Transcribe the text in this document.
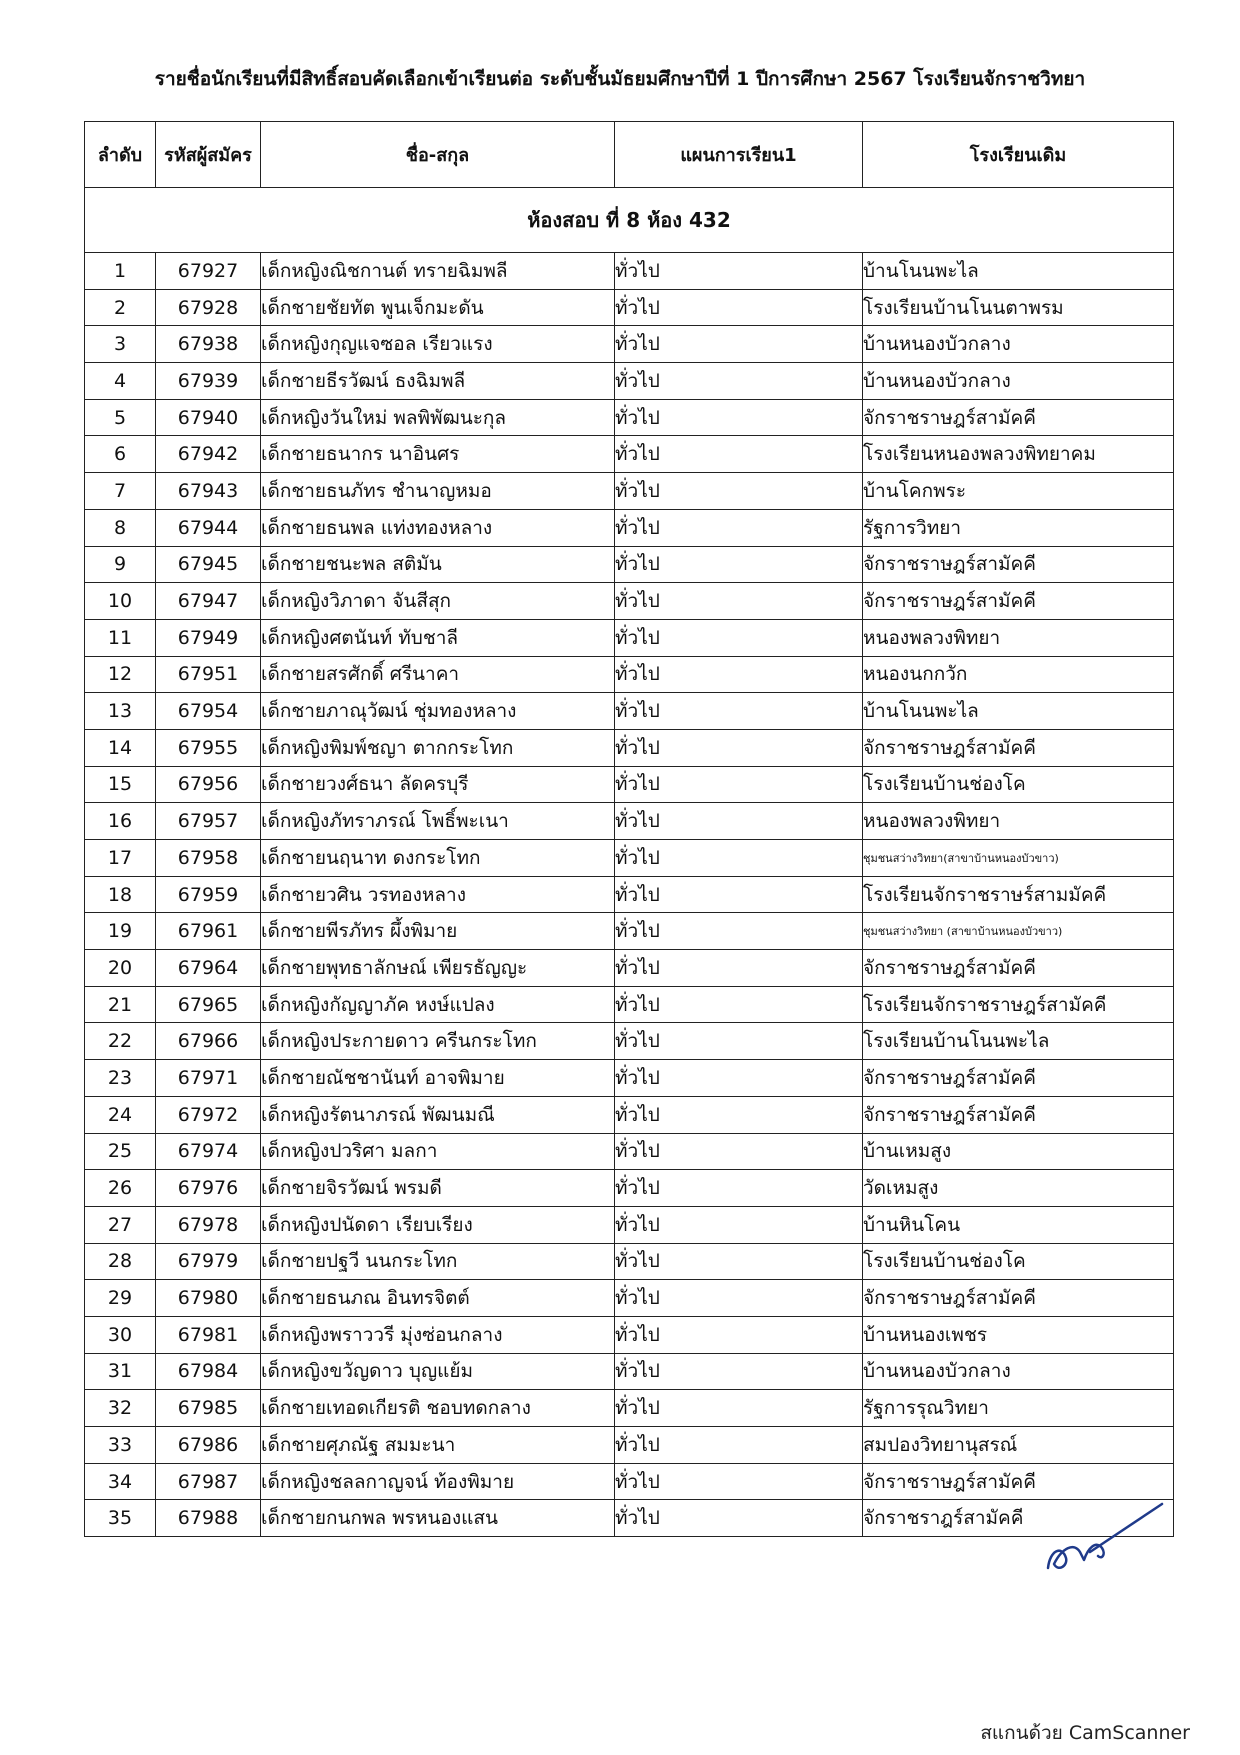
รายชื่อนักเรียนที่มีสิทธิ์สอบคัดเลือกเข้าเรียนต่อ ระดับชั้นมัธยมศึกษาปีที่ 1 ปีการศึกษา 2567 โรงเรียนจักราชวิทยา
ลำดับ	รหัสผู้สมัคร	ชื่อ-สกุล	แผนการเรียน1	โรงเรียนเดิม
ห้องสอบ ที่ 8 ห้อง 432				
1	67927	เด็กหญิงณิชกานต์ ทรายฉิมพลี	ทั่วไป	บ้านโนนพะไล
2	67928	เด็กชายชัยทัต พูนเจ็กมะดัน	ทั่วไป	โรงเรียนบ้านโนนตาพรม
3	67938	เด็กหญิงกุญแจซอล เรียวแรง	ทั่วไป	บ้านหนองบัวกลาง
4	67939	เด็กชายธีรวัฒน์ ธงฉิมพลี	ทั่วไป	บ้านหนองบัวกลาง
5	67940	เด็กหญิงวันใหม่ พลพิพัฒนะกุล	ทั่วไป	จักราชราษฎร์สามัคคี
6	67942	เด็กชายธนากร นาอินศร	ทั่วไป	โรงเรียนหนองพลวงพิทยาคม
7	67943	เด็กชายธนภัทร ชำนาญหมอ	ทั่วไป	บ้านโคกพระ
8	67944	เด็กชายธนพล แท่งทองหลาง	ทั่วไป	รัฐการวิทยา
9	67945	เด็กชายชนะพล สติมัน	ทั่วไป	จักราชราษฎร์สามัคคี
10	67947	เด็กหญิงวิภาดา จันสีสุก	ทั่วไป	จักราชราษฎร์สามัคคี
11	67949	เด็กหญิงศตนันท์ ทับชาลี	ทั่วไป	หนองพลวงพิทยา
12	67951	เด็กชายสรศักดิ์ ศรีนาคา	ทั่วไป	หนองนกกวัก
13	67954	เด็กชายภาณุวัฒน์ ชุ่มทองหลาง	ทั่วไป	บ้านโนนพะไล
14	67955	เด็กหญิงพิมพ์ชญา ตากกระโทก	ทั่วไป	จักราชราษฎร์สามัคคี
15	67956	เด็กชายวงศ์ธนา ลัดครบุรี	ทั่วไป	โรงเรียนบ้านช่องโค
16	67957	เด็กหญิงภัทราภรณ์ โพธิ์พะเนา	ทั่วไป	หนองพลวงพิทยา
17	67958	เด็กชายนฤนาท ดงกระโทก	ทั่วไป	ชุมชนสว่างวิทยา(สาขาบ้านหนองบัวขาว)
18	67959	เด็กชายวศิน วรทองหลาง	ทั่วไป	โรงเรียนจักราชราษร์สามมัคคี
19	67961	เด็กชายพีรภัทร ผึ้งพิมาย	ทั่วไป	ชุมชนสว่างวิทยา (สาขาบ้านหนองบัวขาว)
20	67964	เด็กชายพุทธาลักษณ์ เพียรธัญญะ	ทั่วไป	จักราชราษฎร์สามัคคี
21	67965	เด็กหญิงกัญญาภัค หงษ์แปลง	ทั่วไป	โรงเรียนจักราชราษฎร์สามัคคี
22	67966	เด็กหญิงประกายดาว ครีนกระโทก	ทั่วไป	โรงเรียนบ้านโนนพะไล
23	67971	เด็กชายณัชชานันท์ อาจพิมาย	ทั่วไป	จักราชราษฎร์สามัคคี
24	67972	เด็กหญิงรัตนาภรณ์ พัฒนมณี	ทั่วไป	จักราชราษฎร์สามัคคี
25	67974	เด็กหญิงปวริศา มลกา	ทั่วไป	บ้านเหมสูง
26	67976	เด็กชายจิรวัฒน์ พรมดี	ทั่วไป	วัดเหมสูง
27	67978	เด็กหญิงปนัดดา เรียบเรียง	ทั่วไป	บ้านหินโคน
28	67979	เด็กชายปฐวี นนกระโทก	ทั่วไป	โรงเรียนบ้านช่องโค
29	67980	เด็กชายธนภณ อินทรจิตต์	ทั่วไป	จักราชราษฎร์สามัคคี
30	67981	เด็กหญิงพราววรี มุ่งซ่อนกลาง	ทั่วไป	บ้านหนองเพชร
31	67984	เด็กหญิงขวัญดาว บุญแย้ม	ทั่วไป	บ้านหนองบัวกลาง
32	67985	เด็กชายเทอดเกียรติ ชอบทดกลาง	ทั่วไป	รัฐการรุณวิทยา
33	67986	เด็กชายศุภณัฐ สมมะนา	ทั่วไป	สมปองวิทยานุสรณ์
34	67987	เด็กหญิงชลลกาญจน์ ท้องพิมาย	ทั่วไป	จักราชราษฎร์สามัคคี
35	67988	เด็กชายกนกพล พรหนองแสน	ทั่วไป	จักราชราฎร์สามัคคี
สแกนด้วย CamScanner
